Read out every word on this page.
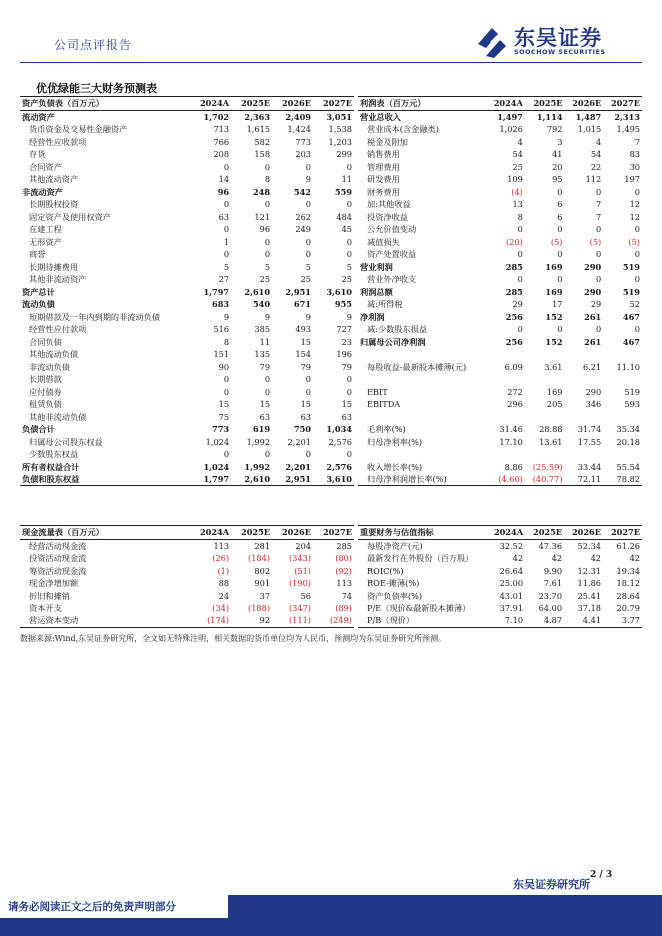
公司点评报告	东吴证券
SOOCHOW SECURITIES
优优绿能三大财务预测表
资产负债表（百万元）	2024A	2025E	2026E	2027E
流动资产	1,702	2,363	2,409	3,051
货币资金及交易性金融资产	713	1,615	1,424	1,538
经营性应收款项	766	582	773	1,203
存货	208	158	203	299
合同资产	0	0	0	0
其他流动资产	14	8	9	11
非流动资产	96	248	542	559
长期股权投资	0	0	0	0
固定资产及使用权资产	63	121	262	484
在建工程	0	96	249	45
无形资产	1	0	0	0
商誉	0	0	0	0
长期待摊费用	5	5	5	5
其他非流动资产	27	25	25	25
资产总计	1,797	2,610	2,951	3,610
流动负债	683	540	671	955
短期借款及一年内到期的非流动负债	9	9	9	9
经营性应付款项	516	385	493	727
合同负债	8	11	15	23
其他流动负债	151	135	154	196
非流动负债	90	79	79	79
长期借款	0	0	0	0
应付债券	0	0	0	0
租赁负债	15	15	15	15
其他非流动负债	75	63	63	63
负债合计	773	619	750	1,034
归属母公司股东权益	1,024	1,992	2,201	2,576
少数股东权益	0	0	0	0
所有者权益合计	1,024	1,992	2,201	2,576
负债和股东权益	1,797	2,610	2,951	3,610
利润表（百万元）	2024A	2025E	2026E	2027E
营业总收入	1,497	1,114	1,487	2,313
营业成本(含金融类)	1,026	792	1,015	1,495
税金及附加	4	3	4	7
销售费用	54	41	54	83
管理费用	25	20	22	30
研发费用	109	95	112	197
财务费用	(4)	0	0	0
加:其他收益	13	6	7	12
投资净收益	8	6	7	12
公允价值变动	0	0	0	0
减值损失	(20)	(5)	(5)	(5)
资产处置收益	0	0	0	0
营业利润	285	169	290	519
营业外净收支	0	0	0	0
利润总额	285	169	290	519
减:所得税	29	17	29	52
净利润	256	152	261	467
减:少数股东损益	0	0	0	0
归属母公司净利润	256	152	261	467

每股收益-最新股本摊薄(元)	6.09	3.61	6.21	11.10

EBIT	272	169	290	519
EBITDA	296	205	346	593

毛利率(%)	31.46	28.88	31.74	35.34
归母净利率(%)	17.10	13.61	17.55	20.18

收入增长率(%)	8.86	(25.59)	33.44	55.54
归母净利润增长率(%)	(4.60)	(40.77)	72.11	78.82
现金流量表（百万元）	2024A	2025E	2026E	2027E
经营活动现金流	113	281	204	285
投资活动现金流	(26)	(184)	(343)	(80)
筹资活动现金流	(1)	802	(51)	(92)
现金净增加额	88	901	(190)	113
折旧和摊销	24	37	56	74
资本开支	(34)	(188)	(347)	(89)
营运资本变动	(174)	92	(111)	(249)
重要财务与估值指标	2024A	2025E	2026E	2027E
每股净资产(元)	32.52	47.36	52.34	61.26
最新发行在外股份（百万股）	42	42	42	42
ROIC(%)	26.64	9.90	12.31	19.34
ROE-摊薄(%)	25.00	7.61	11.86	18.12
资产负债率(%)	43.01	23.70	25.41	28.64
P/E（现价&最新股本摊薄）	37.91	64.00	37.18	20.79
P/B（现价）	7.10	4.87	4.41	3.77
数据来源:Wind,东吴证券研究所，全文如无特殊注明，相关数据的货币单位均为人民币，预测均为东吴证券研究所预测。
2 / 3
东吴证券研究所
请务必阅读正文之后的免责声明部分
